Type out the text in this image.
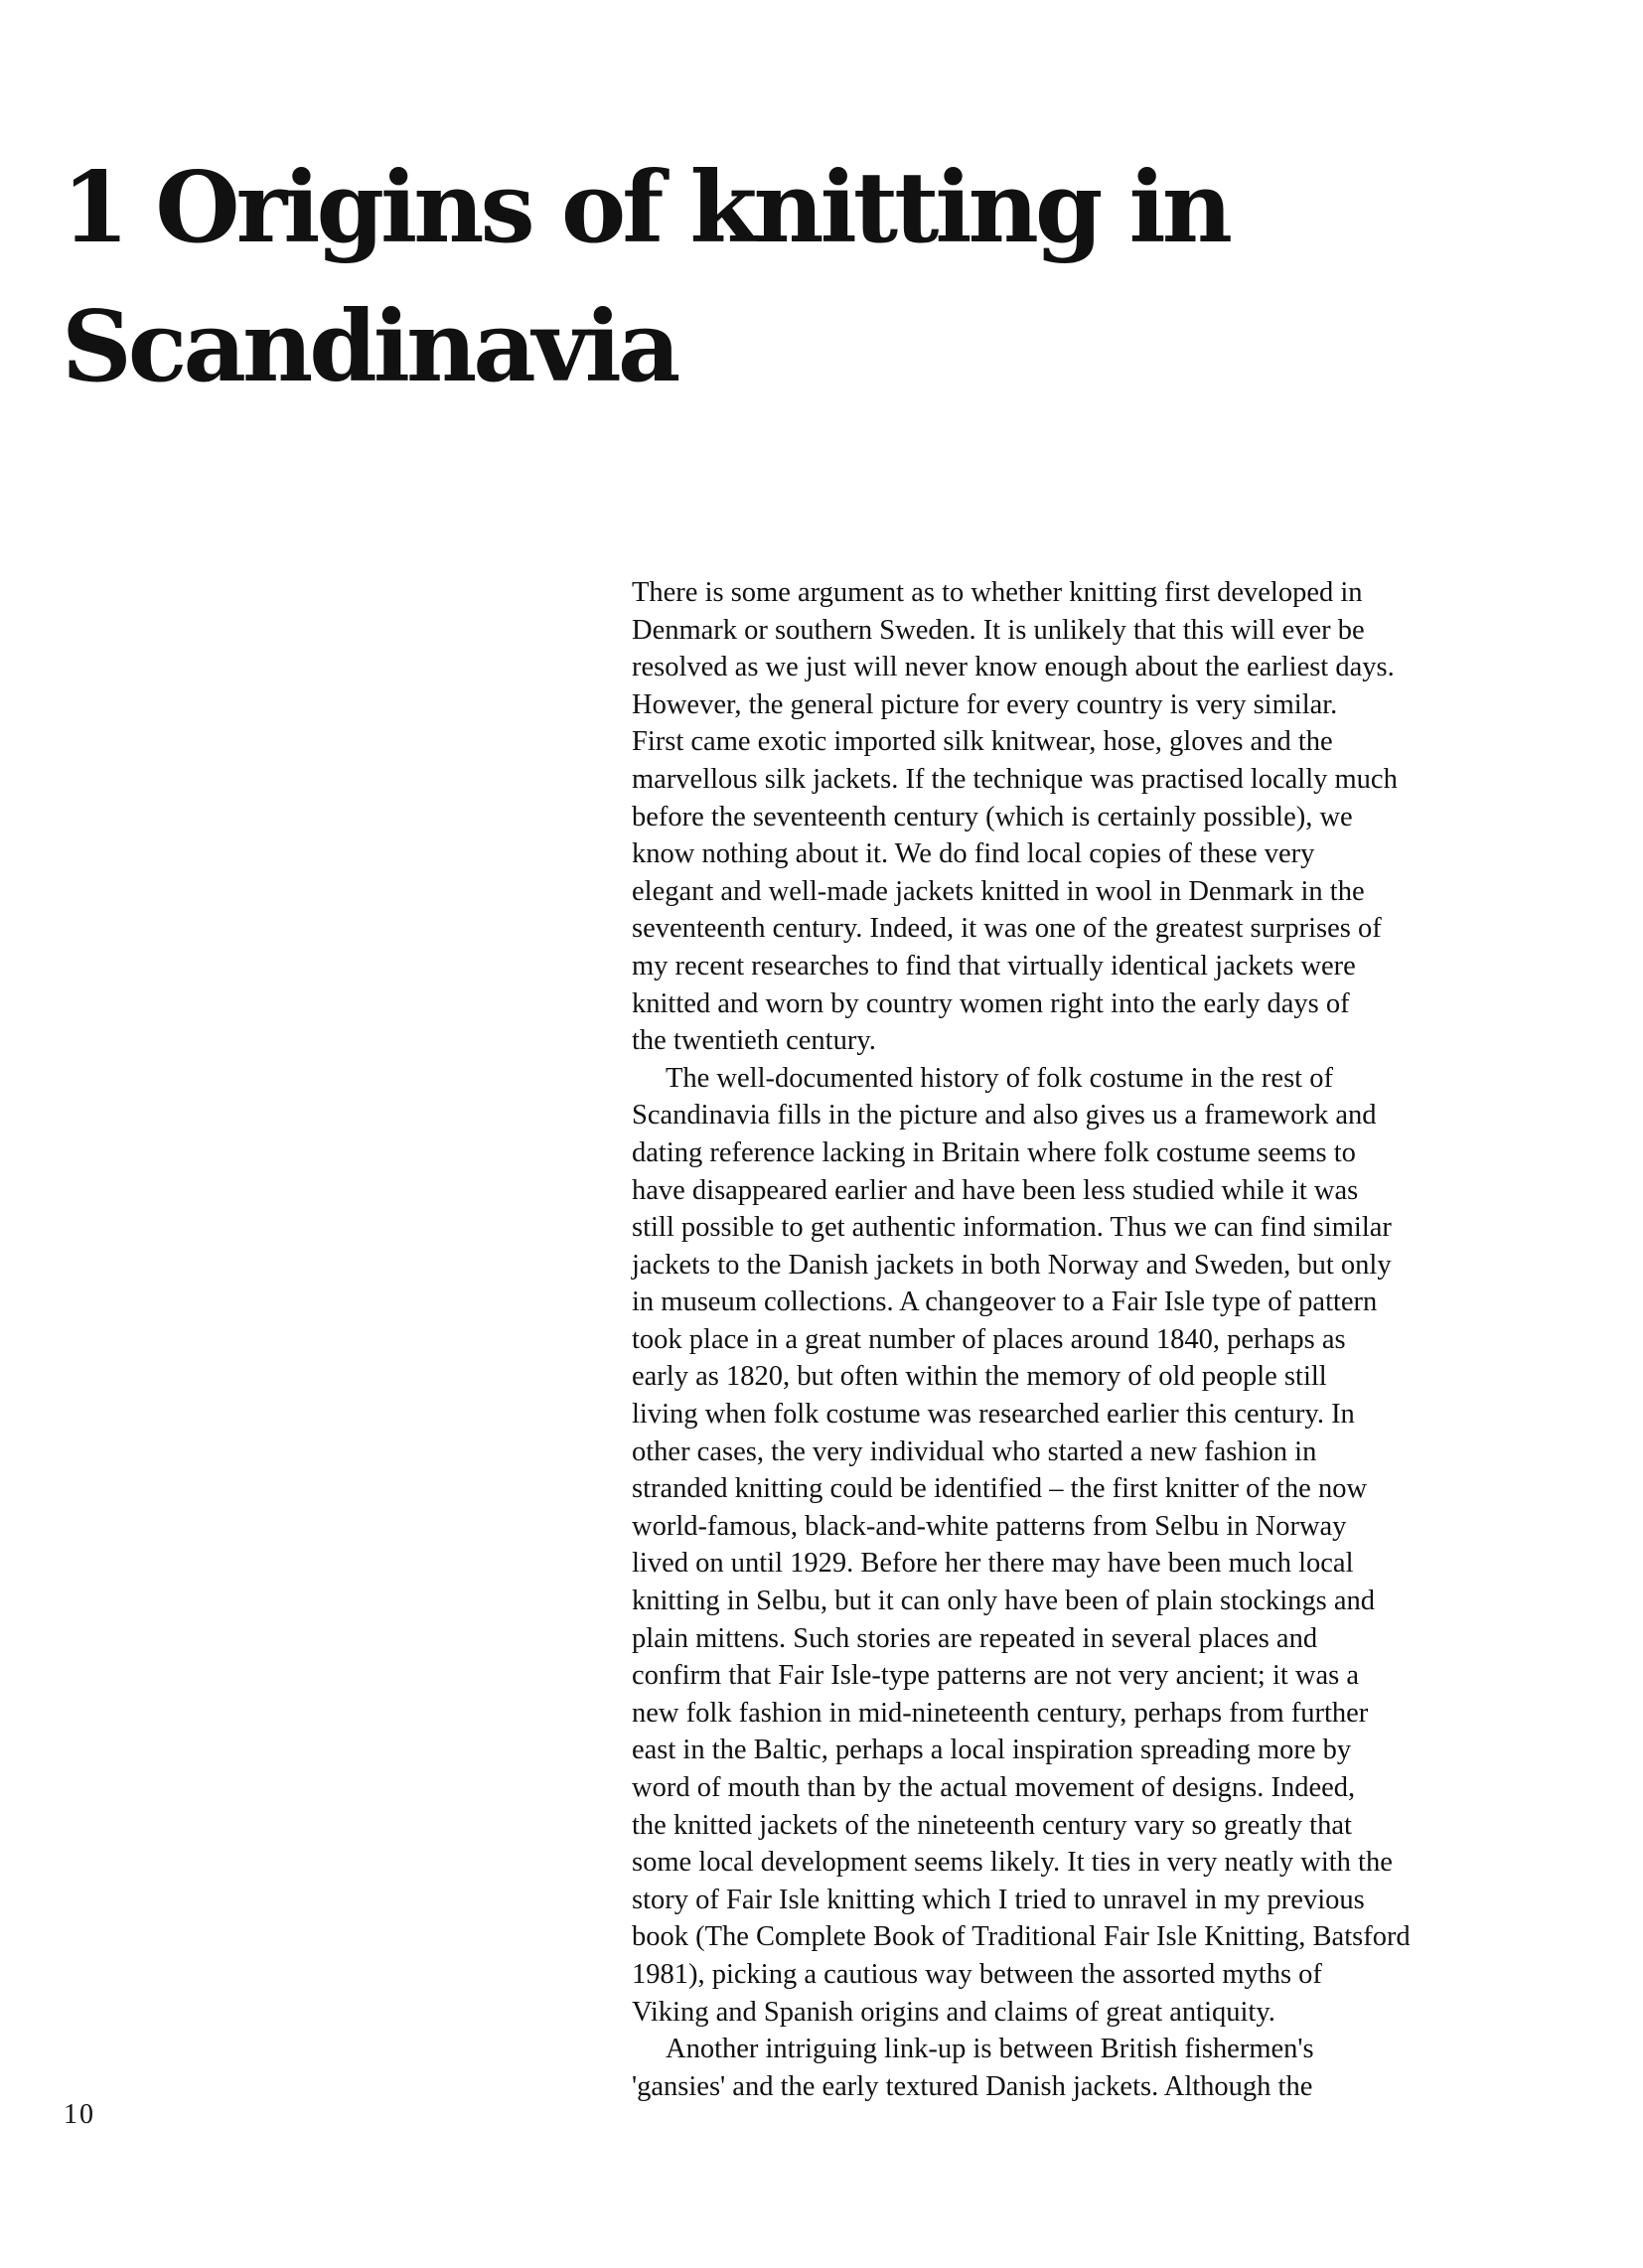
1 Origins of knitting in
Scandinavia
There is some argument as to whether knitting first developed in
Denmark or southern Sweden. It is unlikely that this will ever be
resolved as we just will never know enough about the earliest days.
However, the general picture for every country is very similar.
First came exotic imported silk knitwear, hose, gloves and the
marvellous silk jackets. If the technique was practised locally much
before the seventeenth century (which is certainly possible), we
know nothing about it. We do find local copies of these very
elegant and well-made jackets knitted in wool in Denmark in the
seventeenth century. Indeed, it was one of the greatest surprises of
my recent researches to find that virtually identical jackets were
knitted and worn by country women right into the early days of
the twentieth century.
The well-documented history of folk costume in the rest of
Scandinavia fills in the picture and also gives us a framework and
dating reference lacking in Britain where folk costume seems to
have disappeared earlier and have been less studied while it was
still possible to get authentic information. Thus we can find similar
jackets to the Danish jackets in both Norway and Sweden, but only
in museum collections. A changeover to a Fair Isle type of pattern
took place in a great number of places around 1840, perhaps as
early as 1820, but often within the memory of old people still
living when folk costume was researched earlier this century. In
other cases, the very individual who started a new fashion in
stranded knitting could be identified – the first knitter of the now
world-famous, black-and-white patterns from Selbu in Norway
lived on until 1929. Before her there may have been much local
knitting in Selbu, but it can only have been of plain stockings and
plain mittens. Such stories are repeated in several places and
confirm that Fair Isle-type patterns are not very ancient; it was a
new folk fashion in mid-nineteenth century, perhaps from further
east in the Baltic, perhaps a local inspiration spreading more by
word of mouth than by the actual movement of designs. Indeed,
the knitted jackets of the nineteenth century vary so greatly that
some local development seems likely. It ties in very neatly with the
story of Fair Isle knitting which I tried to unravel in my previous
book (The Complete Book of Traditional Fair Isle Knitting, Batsford
1981), picking a cautious way between the assorted myths of
Viking and Spanish origins and claims of great antiquity.
Another intriguing link-up is between British fishermen's
'gansies' and the early textured Danish jackets. Although the
10
